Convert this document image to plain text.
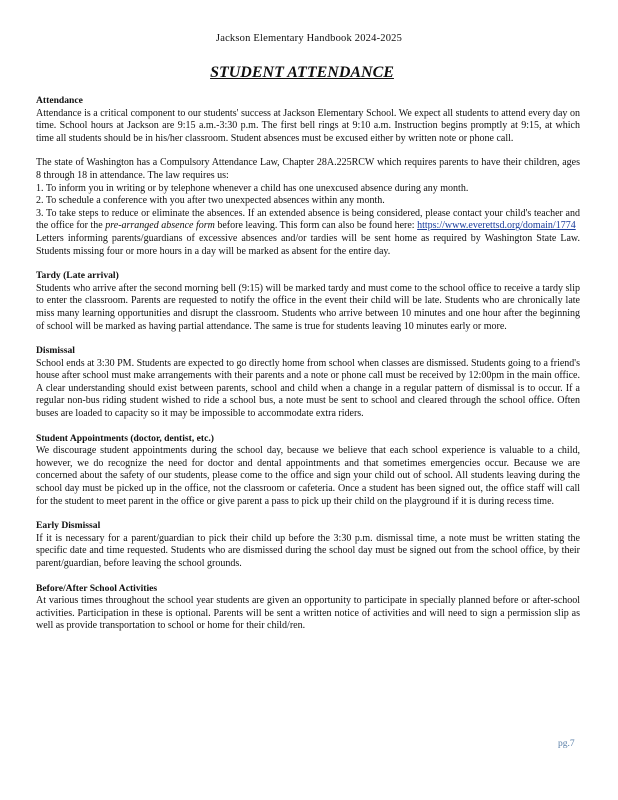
Jackson Elementary Handbook 2024-2025
STUDENT ATTENDANCE
Attendance

Attendance is a critical component to our students' success at Jackson Elementary School. We expect all students to attend every day on time. School hours at Jackson are 9:15 a.m.-3:30 p.m. The first bell rings at 9:10 a.m. Instruction begins promptly at 9:15, at which time all students should be in his/her classroom. Student absences must be excused either by written note or phone call.

The state of Washington has a Compulsory Attendance Law, Chapter 28A.225RCW which requires parents to have their children, ages 8 through 18 in attendance. The law requires us:

1. To inform you in writing or by telephone whenever a child has one unexcused absence during any month.
2. To schedule a conference with you after two unexpected absences within any month.
3. To take steps to reduce or eliminate the absences. If an extended absence is being considered, please contact your child's teacher and the office for the pre-arranged absence form before leaving. This form can also be found here: https://www.everettsd.org/domain/1774

Letters informing parents/guardians of excessive absences and/or tardies will be sent home as required by Washington State Law. Students missing four or more hours in a day will be marked as absent for the entire day.

Tardy (Late arrival)

Students who arrive after the second morning bell (9:15) will be marked tardy and must come to the school office to receive a tardy slip to enter the classroom. Parents are requested to notify the office in the event their child will be late. Students who are chronically late miss many learning opportunities and disrupt the classroom. Students who arrive between 10 minutes and one hour after the beginning of school will be marked as having partial attendance. The same is true for students leaving 10 minutes early or more.

Dismissal

School ends at 3:30 PM. Students are expected to go directly home from school when classes are dismissed. Students going to a friend's house after school must make arrangements with their parents and a note or phone call must be received by 12:00pm in the main office. A clear understanding should exist between parents, school and child when a change in a regular pattern of dismissal is to occur. If a regular non-bus riding student wished to ride a school bus, a note must be sent to school and cleared through the school office. Often buses are loaded to capacity so it may be impossible to accommodate extra riders.

Student Appointments (doctor, dentist, etc.)

We discourage student appointments during the school day, because we believe that each school experience is valuable to a child, however, we do recognize the need for doctor and dental appointments and that sometimes emergencies occur. Because we are concerned about the safety of our students, please come to the office and sign your child out of school. All students leaving during the school day must be picked up in the office, not the classroom or cafeteria. Once a student has been signed out, the office staff will call for the student to meet parent in the office or give parent a pass to pick up their child on the playground if it is during recess time.

Early Dismissal

If it is necessary for a parent/guardian to pick their child up before the 3:30 p.m. dismissal time, a note must be written stating the specific date and time requested. Students who are dismissed during the school day must be signed out from the school office, by their parent/guardian, before leaving the school grounds.

Before/After School Activities

At various times throughout the school year students are given an opportunity to participate in specially planned before or after-school activities. Participation in these is optional. Parents will be sent a written notice of activities and will need to sign a permission slip as well as provide transportation to school or home for their child/ren.

pg.7
